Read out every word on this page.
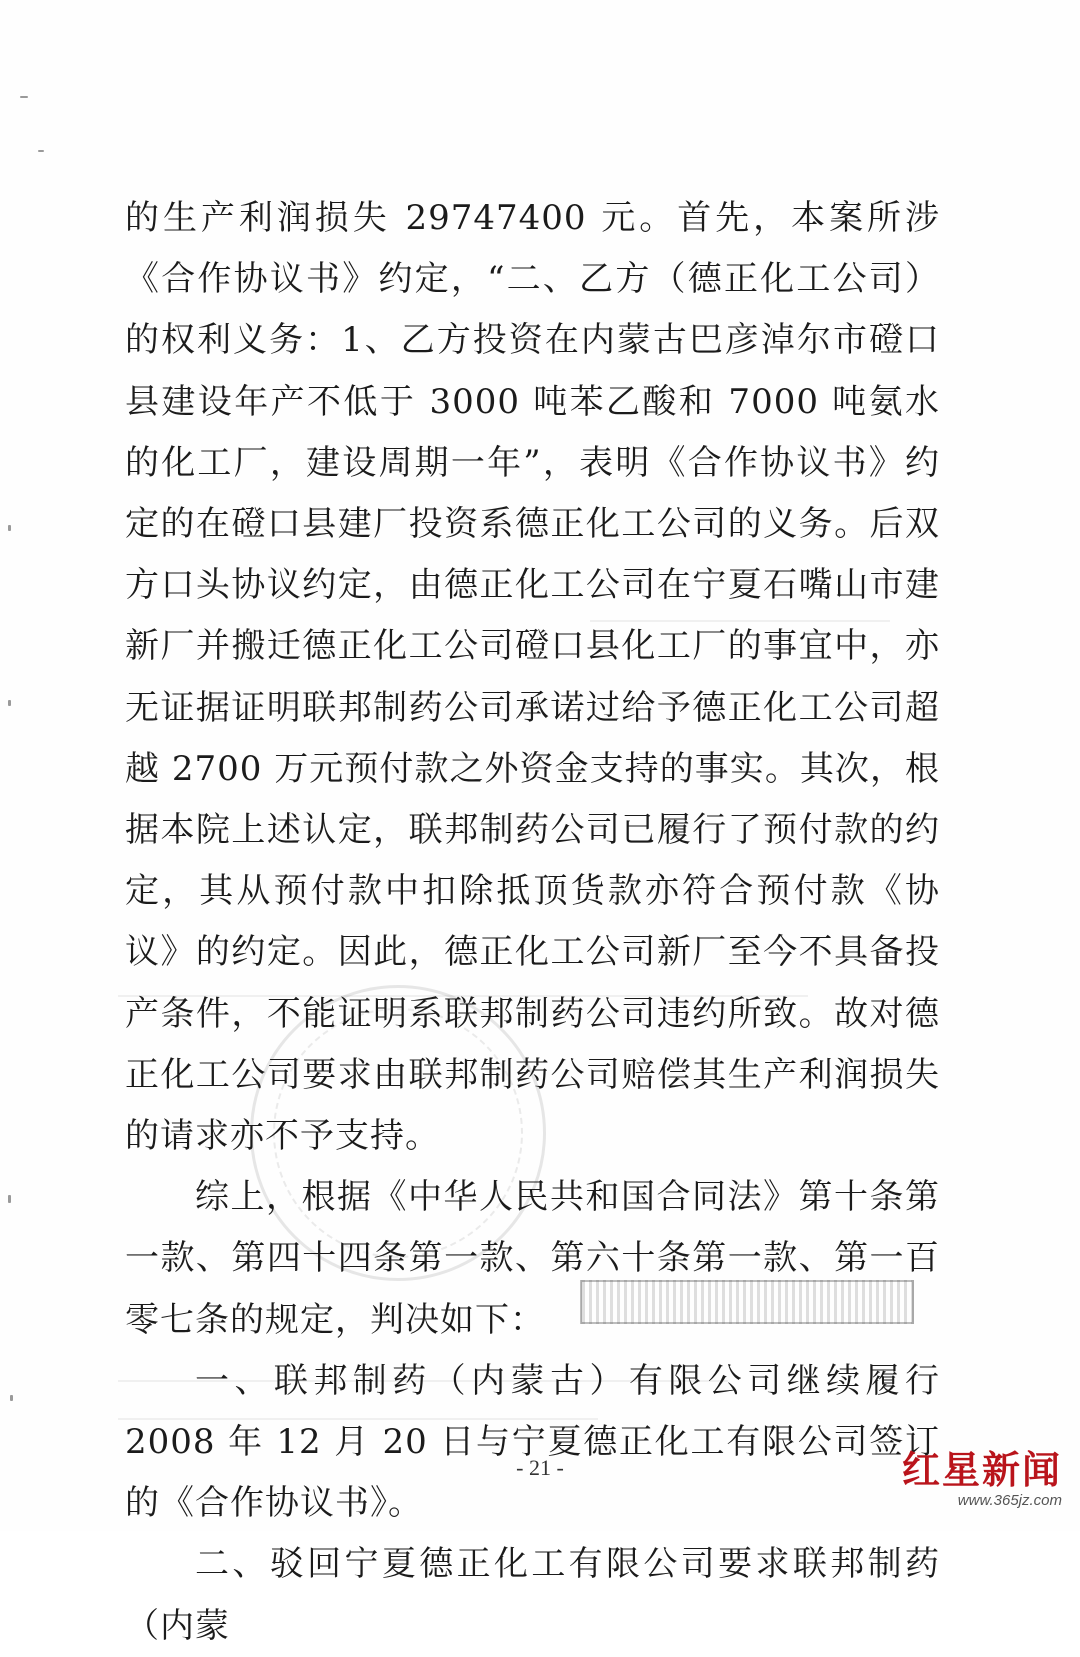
的生产利润损失 29747400 元。首先，本案所涉《合作协议书》约定，“二、乙方（德正化工公司）的权利义务：1、乙方投资在内蒙古巴彦淖尔市磴口县建设年产不低于 3000 吨苯乙酸和 7000 吨氨水的化工厂，建设周期一年”，表明《合作协议书》约定的在磴口县建厂投资系德正化工公司的义务。后双方口头协议约定，由德正化工公司在宁夏石嘴山市建新厂并搬迁德正化工公司磴口县化工厂的事宜中，亦无证据证明联邦制药公司承诺过给予德正化工公司超越 2700 万元预付款之外资金支持的事实。其次，根据本院上述认定，联邦制药公司已履行了预付款的约定，其从预付款中扣除抵顶货款亦符合预付款《协议》的约定。因此，德正化工公司新厂至今不具备投产条件，不能证明系联邦制药公司违约所致。故对德正化工公司要求由联邦制药公司赔偿其生产利润损失的请求亦不予支持。

综上，根据《中华人民共和国合同法》第十条第一款、第四十四条第一款、第六十条第一款、第一百零七条的规定，判决如下：

一、联邦制药（内蒙古）有限公司继续履行 2008 年 12 月 20 日与宁夏德正化工有限公司签订的《合作协议书》。

二、驳回宁夏德正化工有限公司要求联邦制药（内蒙

- 21 -	红星新闻
www.365jz.com
